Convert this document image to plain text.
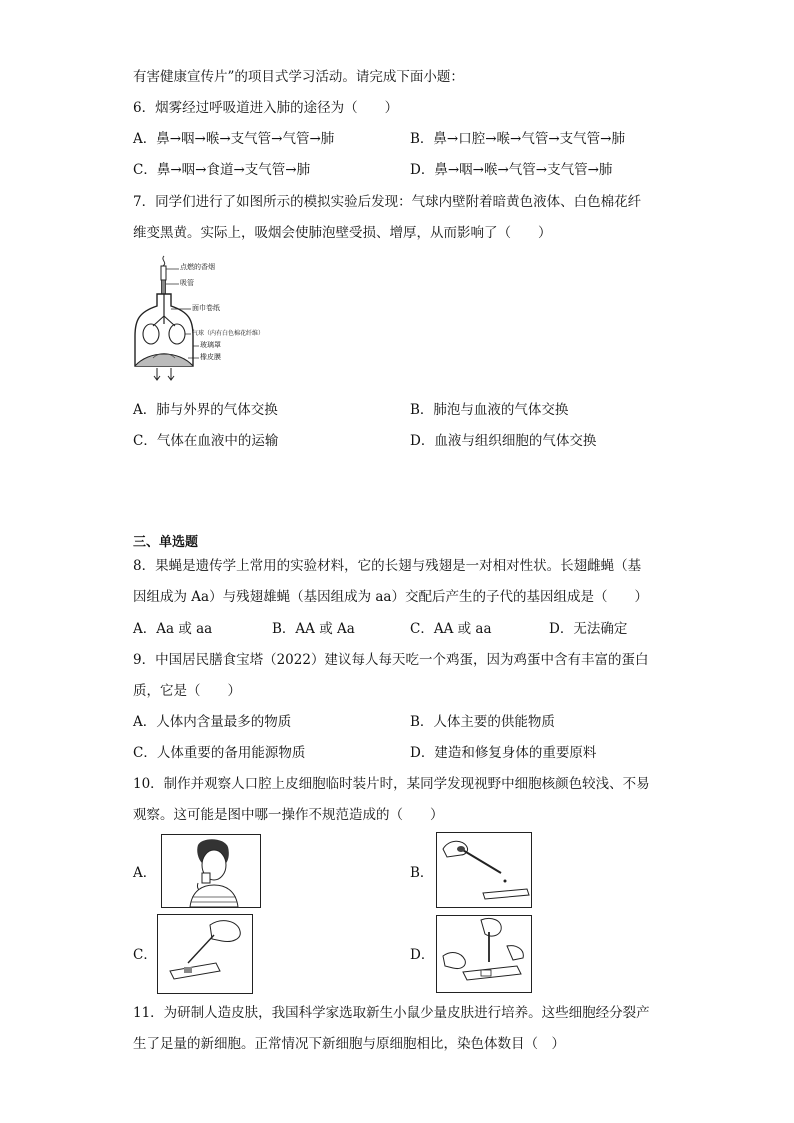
有害健康宣传片”的项目式学习活动。请完成下面小题：
6．烟雾经过呼吸道进入肺的途径为（　　）
A．鼻→咽→喉→支气管→气管→肺	B．鼻→口腔→喉→气管→支气管→肺
C．鼻→咽→食道→支气管→肺	D．鼻→咽→喉→气管→支气管→肺
7．同学们进行了如图所示的模拟实验后发现：气球内壁附着暗黄色液体、白色棉花纤
维变黑黄。实际上，吸烟会使肺泡壁受损、增厚，从而影响了（　　）
点燃的香烟
吸管
面巾卷纸
气球（内有白色棉花纤维）
玻璃罩
橡皮膜
A．肺与外界的气体交换	B．肺泡与血液的气体交换
C．气体在血液中的运输	D．血液与组织细胞的气体交换
三、单选题
8．果蝇是遗传学上常用的实验材料，它的长翅与残翅是一对相对性状。长翅雌蝇（基
因组成为 Aa）与残翅雄蝇（基因组成为 aa）交配后产生的子代的基因组成是（　　）
A．Aa 或 aa	B．AA 或 Aa	C．AA 或 aa	D．无法确定
9．中国居民膳食宝塔（2022）建议每人每天吃一个鸡蛋，因为鸡蛋中含有丰富的蛋白
质，它是（　　）
A．人体内含量最多的物质	B．人体主要的供能物质
C．人体重要的备用能源物质	D．建造和修复身体的重要原料
10．制作并观察人口腔上皮细胞临时装片时，某同学发现视野中细胞核颜色较浅、不易
观察。这可能是图中哪一操作不规范造成的（　　）
A．	B．
C．	D．
11．为研制人造皮肤，我国科学家选取新生小鼠少量皮肤进行培养。这些细胞经分裂产
生了足量的新细胞。正常情况下新细胞与原细胞相比，染色体数目（　）
